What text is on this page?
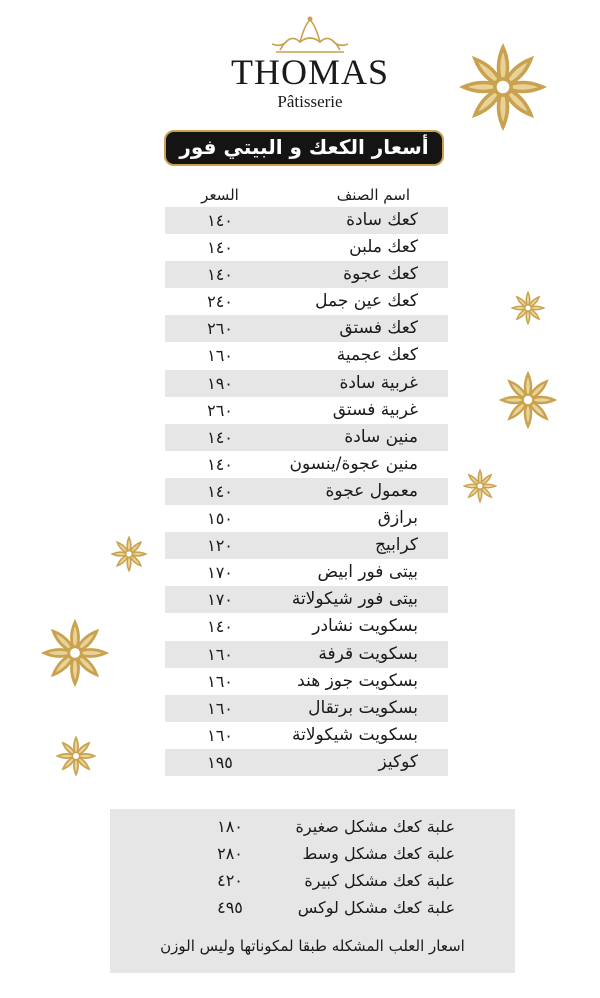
THOMAS
Pâtisserie
أسعار الكعك و البيتي فور
اسم الصنف
السعر
كعك سادة
١٤٠
كعك ملبن
١٤٠
كعك عجوة
١٤٠
كعك عين جمل
٢٤٠
كعك فستق
٢٦٠
كعك عجمية
١٦٠
غربية سادة
١٩٠
غربية فستق
٢٦٠
منين سادة
١٤٠
منين عجوة/ينسون
١٤٠
معمول عجوة
١٤٠
برازق
١٥٠
كرابيج
١٢٠
بيتى فور ابيض
١٧٠
بيتى فور شيكولاتة
١٧٠
بسكويت نشادر
١٤٠
بسكويت قرفة
١٦٠
بسكويت جوز هند
١٦٠
بسكويت برتقال
١٦٠
بسكويت شيكولاتة
١٦٠
كوكيز
١٩٥
اسعار العلب المشكله طبقا لمكوناتها وليس الوزن
علبة كعك مشكل صغيرة
١٨٠
علبة كعك مشكل وسط
٢٨٠
علبة كعك مشكل كبيرة
٤٢٠
علبة كعك مشكل لوكس
٤٩٥
